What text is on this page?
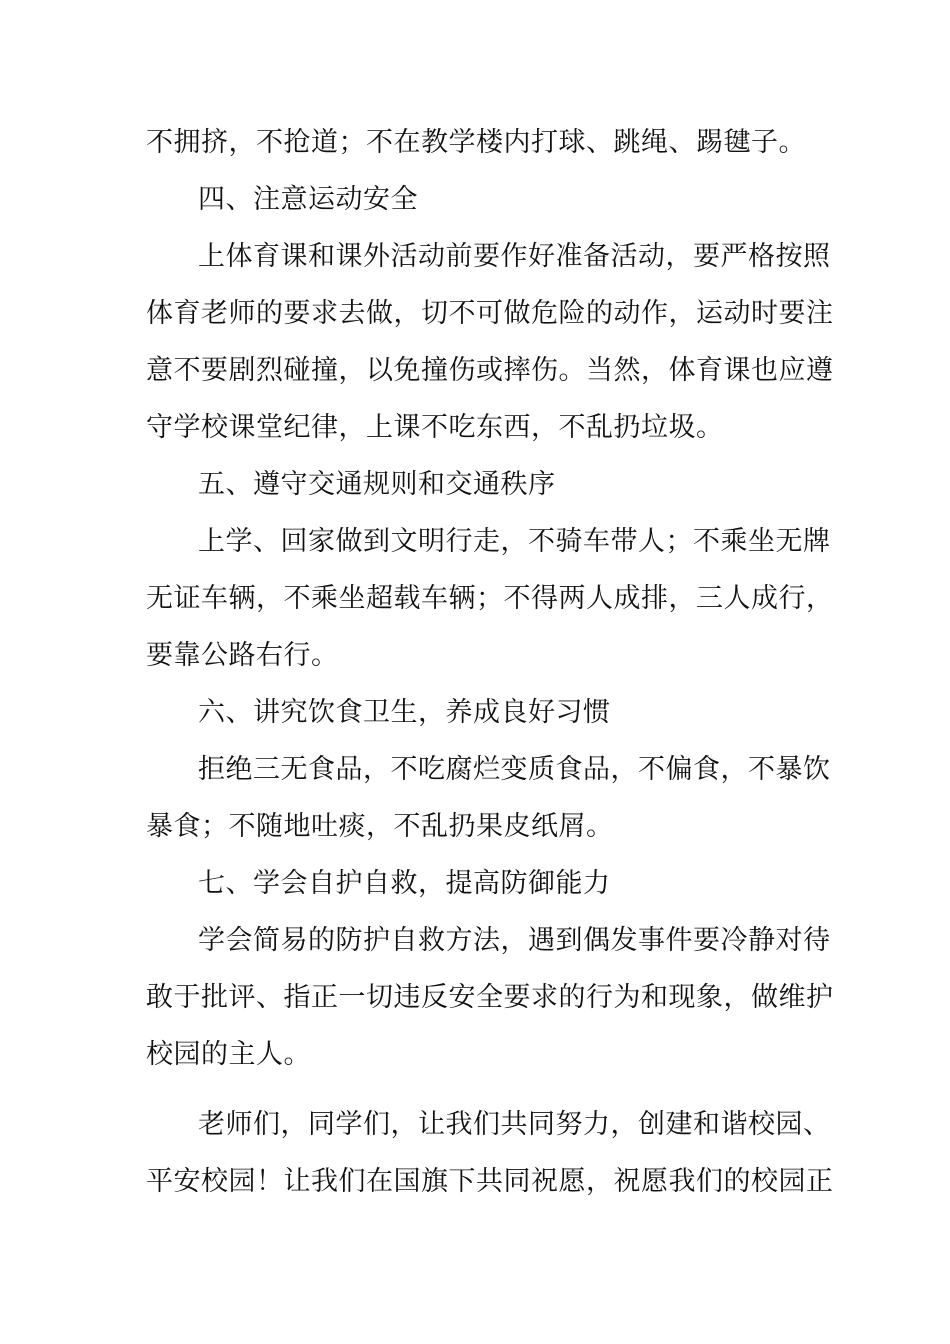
不拥挤，不抢道；不在教学楼内打球、跳绳、踢毽子。
四、注意运动安全
上体育课和课外活动前要作好准备活动，要严格按照
体育老师的要求去做，切不可做危险的动作，运动时要注
意不要剧烈碰撞，以免撞伤或摔伤。当然，体育课也应遵
守学校课堂纪律，上课不吃东西，不乱扔垃圾。
五、遵守交通规则和交通秩序
上学、回家做到文明行走，不骑车带人；不乘坐无牌
无证车辆，不乘坐超载车辆；不得两人成排，三人成行，
要靠公路右行。
六、讲究饮食卫生，养成良好习惯
拒绝三无食品，不吃腐烂变质食品，不偏食，不暴饮
暴食；不随地吐痰，不乱扔果皮纸屑。
七、学会自护自救，提高防御能力
学会简易的防护自救方法，遇到偶发事件要冷静对待
敢于批评、指正一切违反安全要求的行为和现象，做维护
校园的主人。
老师们，同学们，让我们共同努力，创建和谐校园、
平安校园！让我们在国旗下共同祝愿，祝愿我们的校园正
